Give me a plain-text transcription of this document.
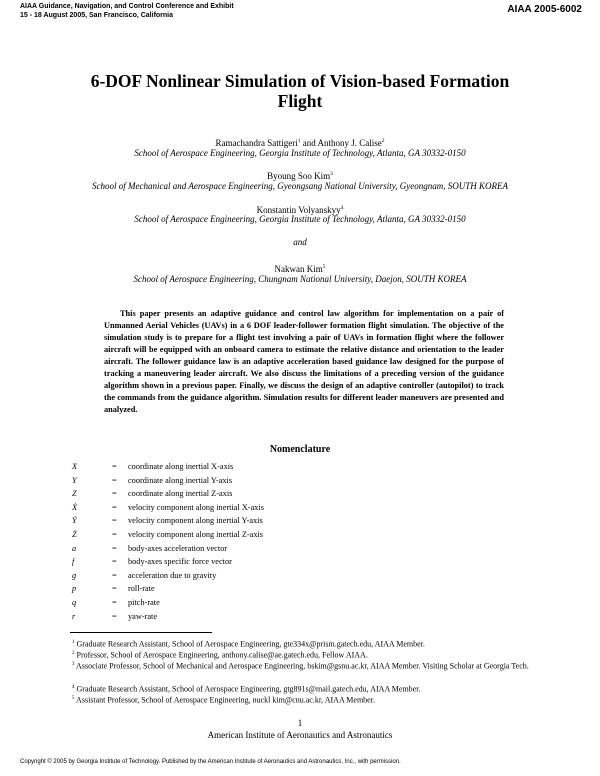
AIAA Guidance, Navigation, and Control Conference and Exhibit
15 - 18 August 2005, San Francisco, California	AIAA 2005-6002
6-DOF Nonlinear Simulation of Vision-based Formation
Flight
Ramachandra Sattigeri$^1$ and Anthony J. Calise$^2$
School of Aerospace Engineering, Georgia Institute of Technology, Atlanta, GA 30332-0150
Byoung Soo Kim$^3$
School of Mechanical and Aerospace Engineering, Gyeongsang National University, Gyeongnam, SOUTH KOREA
Konstantin Volyanskyy$^4$
School of Aerospace Engineering, Georgia Institute of Technology, Atlanta, GA 30332-0150
and
Nakwan Kim$^5$
School of Aerospace Engineering, Chungnam National University, Daejon, SOUTH KOREA

This paper presents an adaptive guidance and control law algorithm for implementation on a pair of Unmanned Aerial Vehicles (UAVs) in a 6 DOF leader-follower formation flight simulation. The objective of the simulation study is to prepare for a flight test involving a pair of UAVs in formation flight where the follower aircraft will be equipped with an onboard camera to estimate the relative distance and orientation to the leader aircraft. The follower guidance law is an adaptive acceleration based guidance law designed for the purpose of tracking a maneuvering leader aircraft. We also discuss the limitations of a preceding version of the guidance algorithm shown in a previous paper. Finally, we discuss the design of an adaptive controller (autopilot) to track the commands from the guidance algorithm. Simulation results for different leader maneuvers are presented and analyzed.

Nomenclature
X	= coordinate along inertial X-axis
Y	= coordinate along inertial Y-axis
Z	= coordinate along inertial Z-axis
Ẋ	= velocity component along inertial X-axis
Ẏ	= velocity component along inertial Y-axis
Ż	= velocity component along inertial Z-axis
a	= body-axes acceleration vector
f	= body-axes specific force vector
g	= acceleration due to gravity
p	= roll-rate
q	= pitch-rate
r	= yaw-rate
$^1$ Graduate Research Assistant, School of Aerospace Engineering, gte334x@prism.gatech.edu, AIAA Member.
$^2$ Professor, School of Aerospace Engineering, anthony.calise@ae.gatech.edu, Fellow AIAA.
$^3$ Associate Professor, School of Mechanical and Aerospace Engineering, bskim@gsnu.ac.kr, AIAA Member. Visiting Scholar at Georgia Tech.
$^4$ Graduate Research Assistant, School of Aerospace Engineering, gtg891s@mail.gatech.edu, AIAA Member.
$^5$ Assistant Professor, School of Aerospace Engineering, nuckl kim@cnu.ac.kr, AIAA Member.
1
American Institute of Aeronautics and Astronautics
Copyright © 2005 by Georgia Institute of Technology. Published by the American Institute of Aeronautics and Astronautics, Inc., with permission.
